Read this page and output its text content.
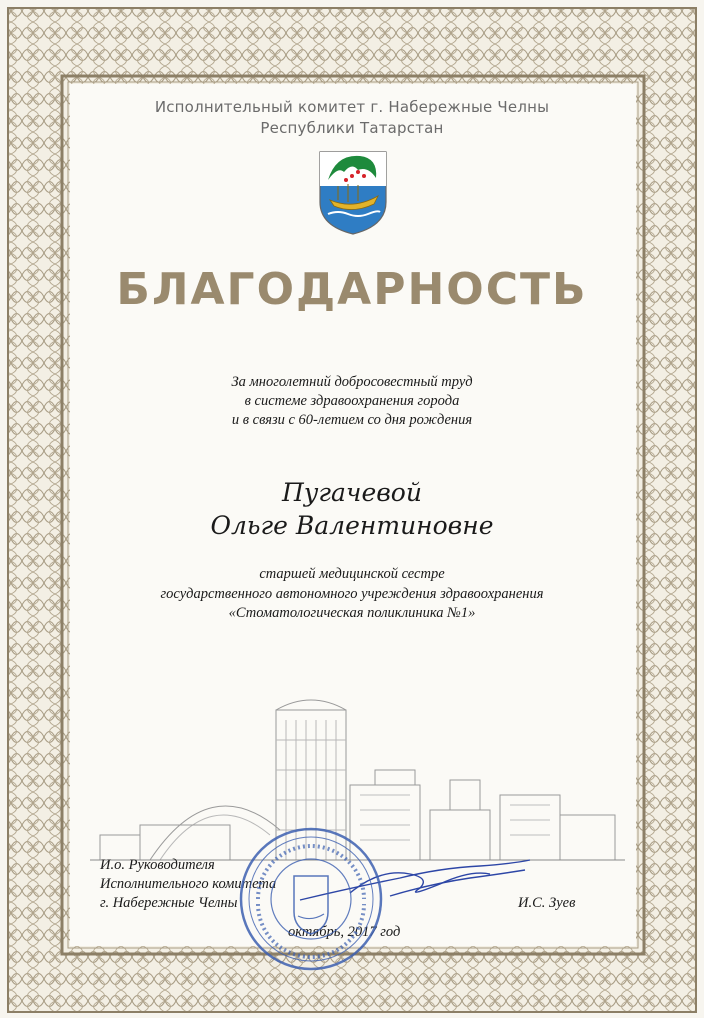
Исполнительный комитет г. Набережные Челны
Республики Татарстан
БЛАГОДАРНОСТЬ
За многолетний добросовестный труд
в системе здравоохранения города
и в связи с 60-летием со дня рождения
Пугачевой
Ольге Валентиновне
старшей медицинской сестре
государственного автономного учреждения здравоохранения
«Стоматологическая поликлиника №1»
И.о. Руководителя
Исполнительного комитета
г. Набережные Челны	И.С. Зуев
октябрь, 2017 год
